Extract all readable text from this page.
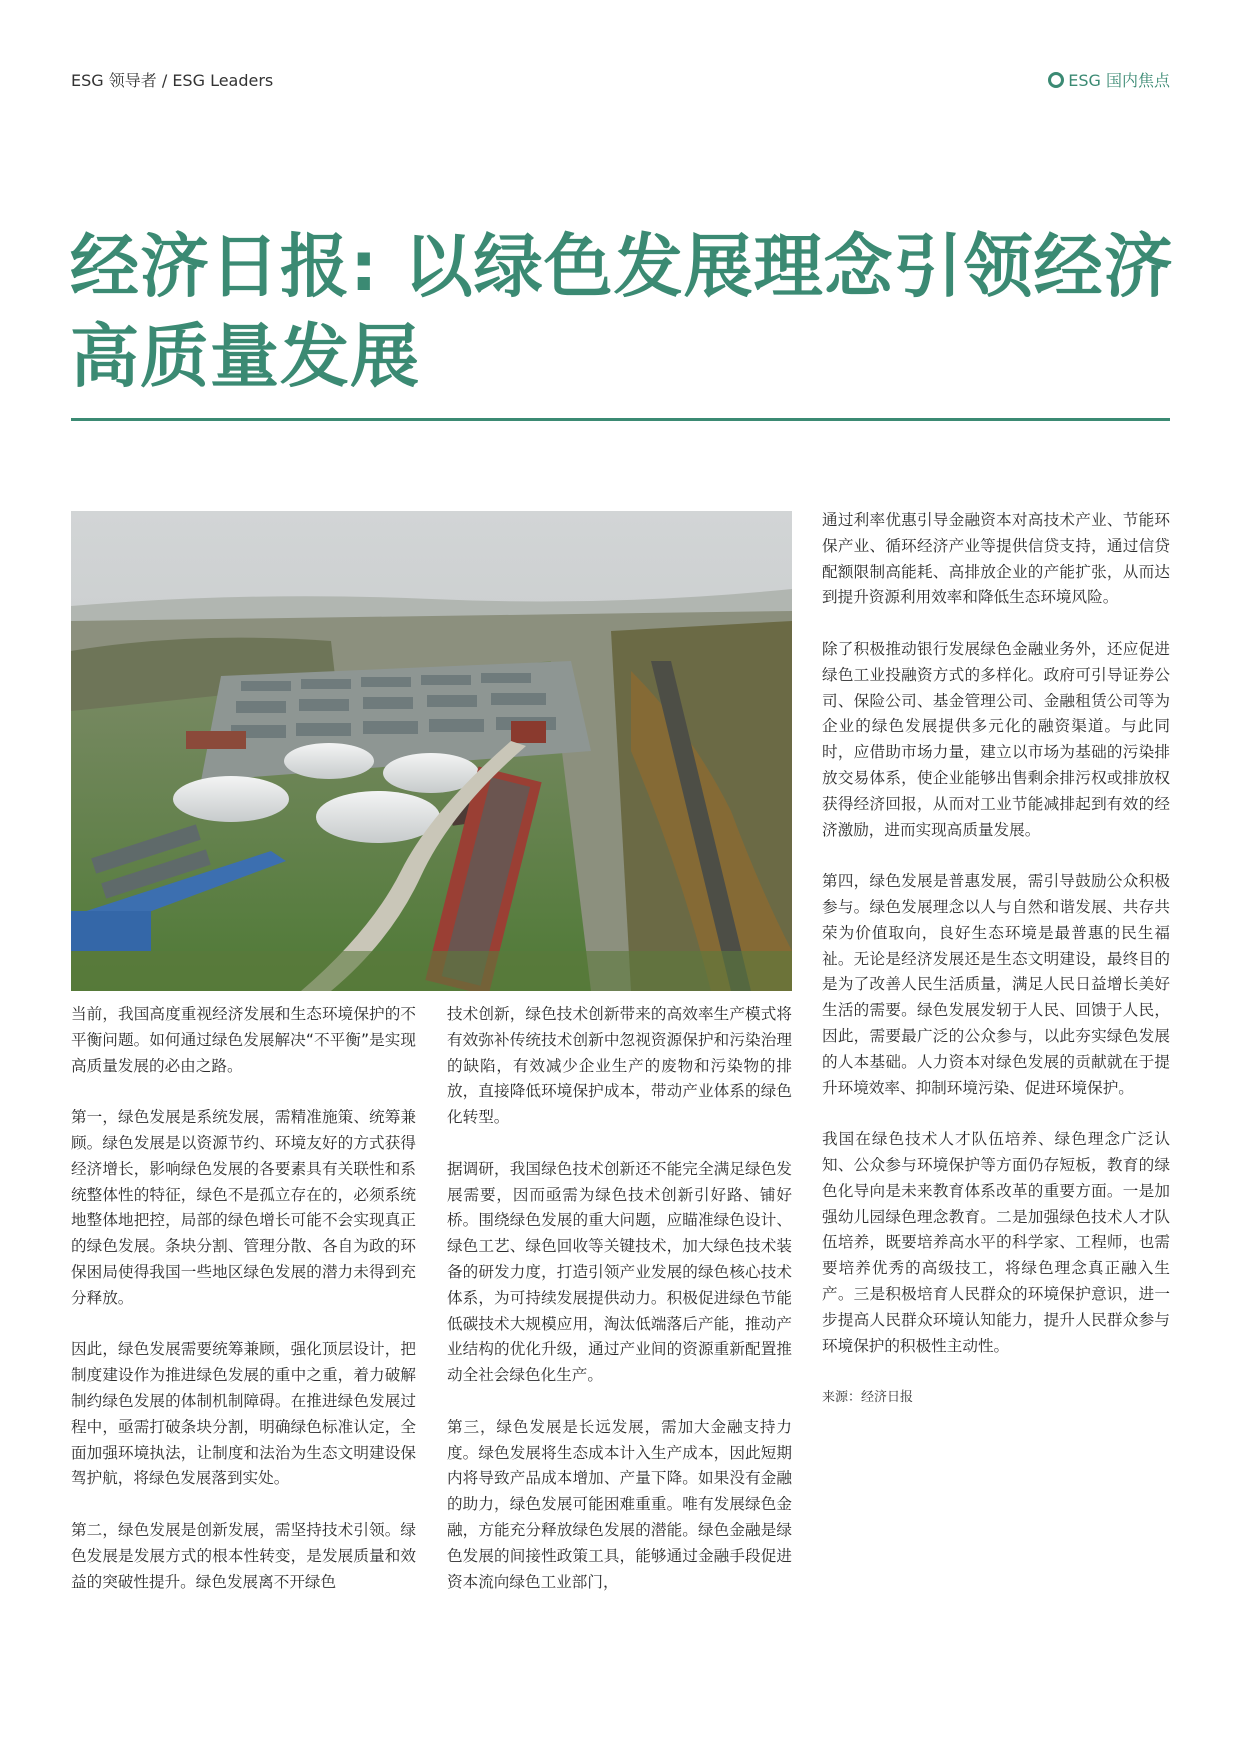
ESG 领导者 / ESG Leaders	ESG 国内焦点
经济日报: 以绿色发展理念引领经济高质量发展

当前，我国高度重视经济发展和生态环境保护的不平衡问题。如何通过绿色发展解决“不平衡”是实现高质量发展的必由之路。

第一，绿色发展是系统发展，需精准施策、统筹兼顾。绿色发展是以资源节约、环境友好的方式获得经济增长，影响绿色发展的各要素具有关联性和系统整体性的特征，绿色不是孤立存在的，必须系统地整体地把控，局部的绿色增长可能不会实现真正的绿色发展。条块分割、管理分散、各自为政的环保困局使得我国一些地区绿色发展的潜力未得到充分释放。

因此，绿色发展需要统筹兼顾，强化顶层设计，把制度建设作为推进绿色发展的重中之重，着力破解制约绿色发展的体制机制障碍。在推进绿色发展过程中，亟需打破条块分割，明确绿色标准认定，全面加强环境执法，让制度和法治为生态文明建设保驾护航，将绿色发展落到实处。

第二，绿色发展是创新发展，需坚持技术引领。绿色发展是发展方式的根本性转变，是发展质量和效益的突破性提升。绿色发展离不开绿色

技术创新，绿色技术创新带来的高效率生产模式将有效弥补传统技术创新中忽视资源保护和污染治理的缺陷，有效减少企业生产的废物和污染物的排放，直接降低环境保护成本，带动产业体系的绿色化转型。

据调研，我国绿色技术创新还不能完全满足绿色发展需要，因而亟需为绿色技术创新引好路、铺好桥。围绕绿色发展的重大问题，应瞄准绿色设计、绿色工艺、绿色回收等关键技术，加大绿色技术装备的研发力度，打造引领产业发展的绿色核心技术体系，为可持续发展提供动力。积极促进绿色节能低碳技术大规模应用，淘汰低端落后产能，推动产业结构的优化升级，通过产业间的资源重新配置推动全社会绿色化生产。

第三，绿色发展是长远发展，需加大金融支持力度。绿色发展将生态成本计入生产成本，因此短期内将导致产品成本增加、产量下降。如果没有金融的助力，绿色发展可能困难重重。唯有发展绿色金融，方能充分释放绿色发展的潜能。绿色金融是绿色发展的间接性政策工具，能够通过金融手段促进资本流向绿色工业部门，

通过利率优惠引导金融资本对高技术产业、节能环保产业、循环经济产业等提供信贷支持，通过信贷配额限制高能耗、高排放企业的产能扩张，从而达到提升资源利用效率和降低生态环境风险。

除了积极推动银行发展绿色金融业务外，还应促进绿色工业投融资方式的多样化。政府可引导证券公司、保险公司、基金管理公司、金融租赁公司等为企业的绿色发展提供多元化的融资渠道。与此同时，应借助市场力量，建立以市场为基础的污染排放交易体系，使企业能够出售剩余排污权或排放权获得经济回报，从而对工业节能减排起到有效的经济激励，进而实现高质量发展。

第四，绿色发展是普惠发展，需引导鼓励公众积极参与。绿色发展理念以人与自然和谐发展、共存共荣为价值取向，良好生态环境是最普惠的民生福祉。无论是经济发展还是生态文明建设，最终目的是为了改善人民生活质量，满足人民日益增长美好生活的需要。绿色发展发轫于人民、回馈于人民，因此，需要最广泛的公众参与，以此夯实绿色发展的人本基础。人力资本对绿色发展的贡献就在于提升环境效率、抑制环境污染、促进环境保护。

我国在绿色技术人才队伍培养、绿色理念广泛认知、公众参与环境保护等方面仍存短板，教育的绿色化导向是未来教育体系改革的重要方面。一是加强幼儿园绿色理念教育。二是加强绿色技术人才队伍培养，既要培养高水平的科学家、工程师，也需要培养优秀的高级技工，将绿色理念真正融入生产。三是积极培育人民群众的环境保护意识，进一步提高人民群众环境认知能力，提升人民群众参与环境保护的积极性主动性。

来源：经济日报
